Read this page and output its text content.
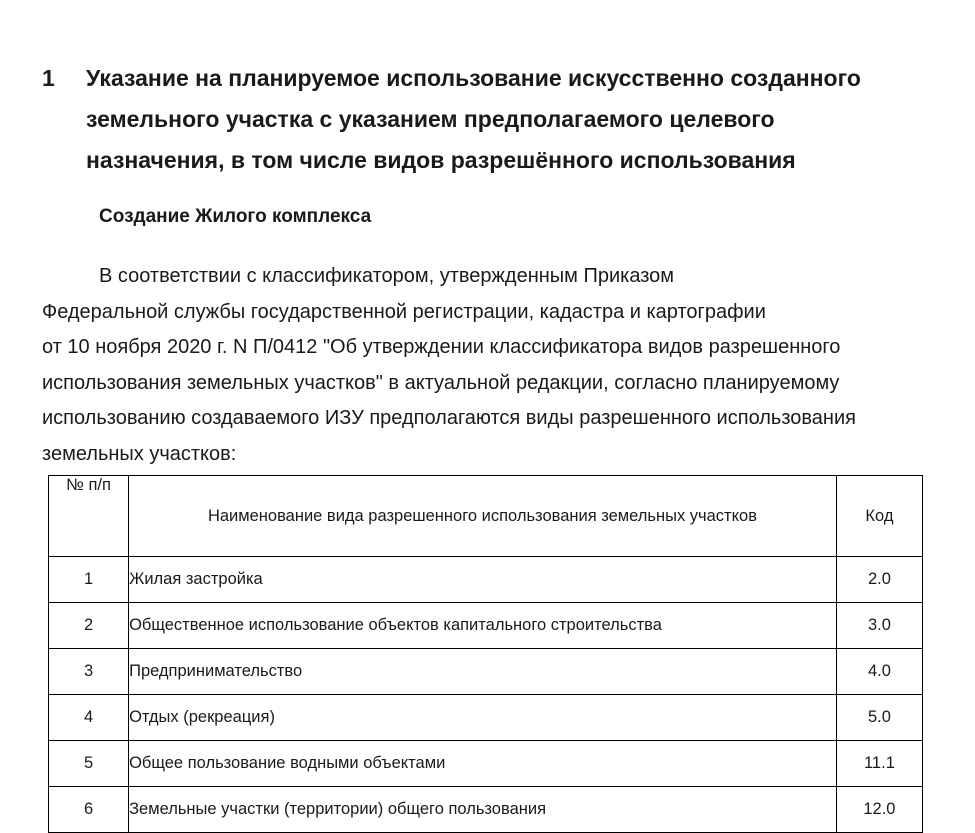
1 Указание на планируемое использование искусственно созданного
земельного участка с указанием предполагаемого целевого
назначения, в том числе видов разрешённого использования
Создание Жилого комплекса
В соответствии с классификатором, утвержденным Приказом
Федеральной службы государственной регистрации, кадастра и картографии
от 10 ноября 2020 г. N П/0412 "Об утверждении классификатора видов разрешенного
использования земельных участков" в актуальной редакции, согласно планируемому
использованию создаваемого ИЗУ предполагаются виды разрешенного использования
земельных участков:
№ п/п	Наименование вида разрешенного использования земельных участков	Код
1	Жилая застройка	2.0
2	Общественное использование объектов капитального строительства	3.0
3	Предпринимательство	4.0
4	Отдых (рекреация)	5.0
5	Общее пользование водными объектами	11.1
6	Земельные участки (территории) общего пользования	12.0
